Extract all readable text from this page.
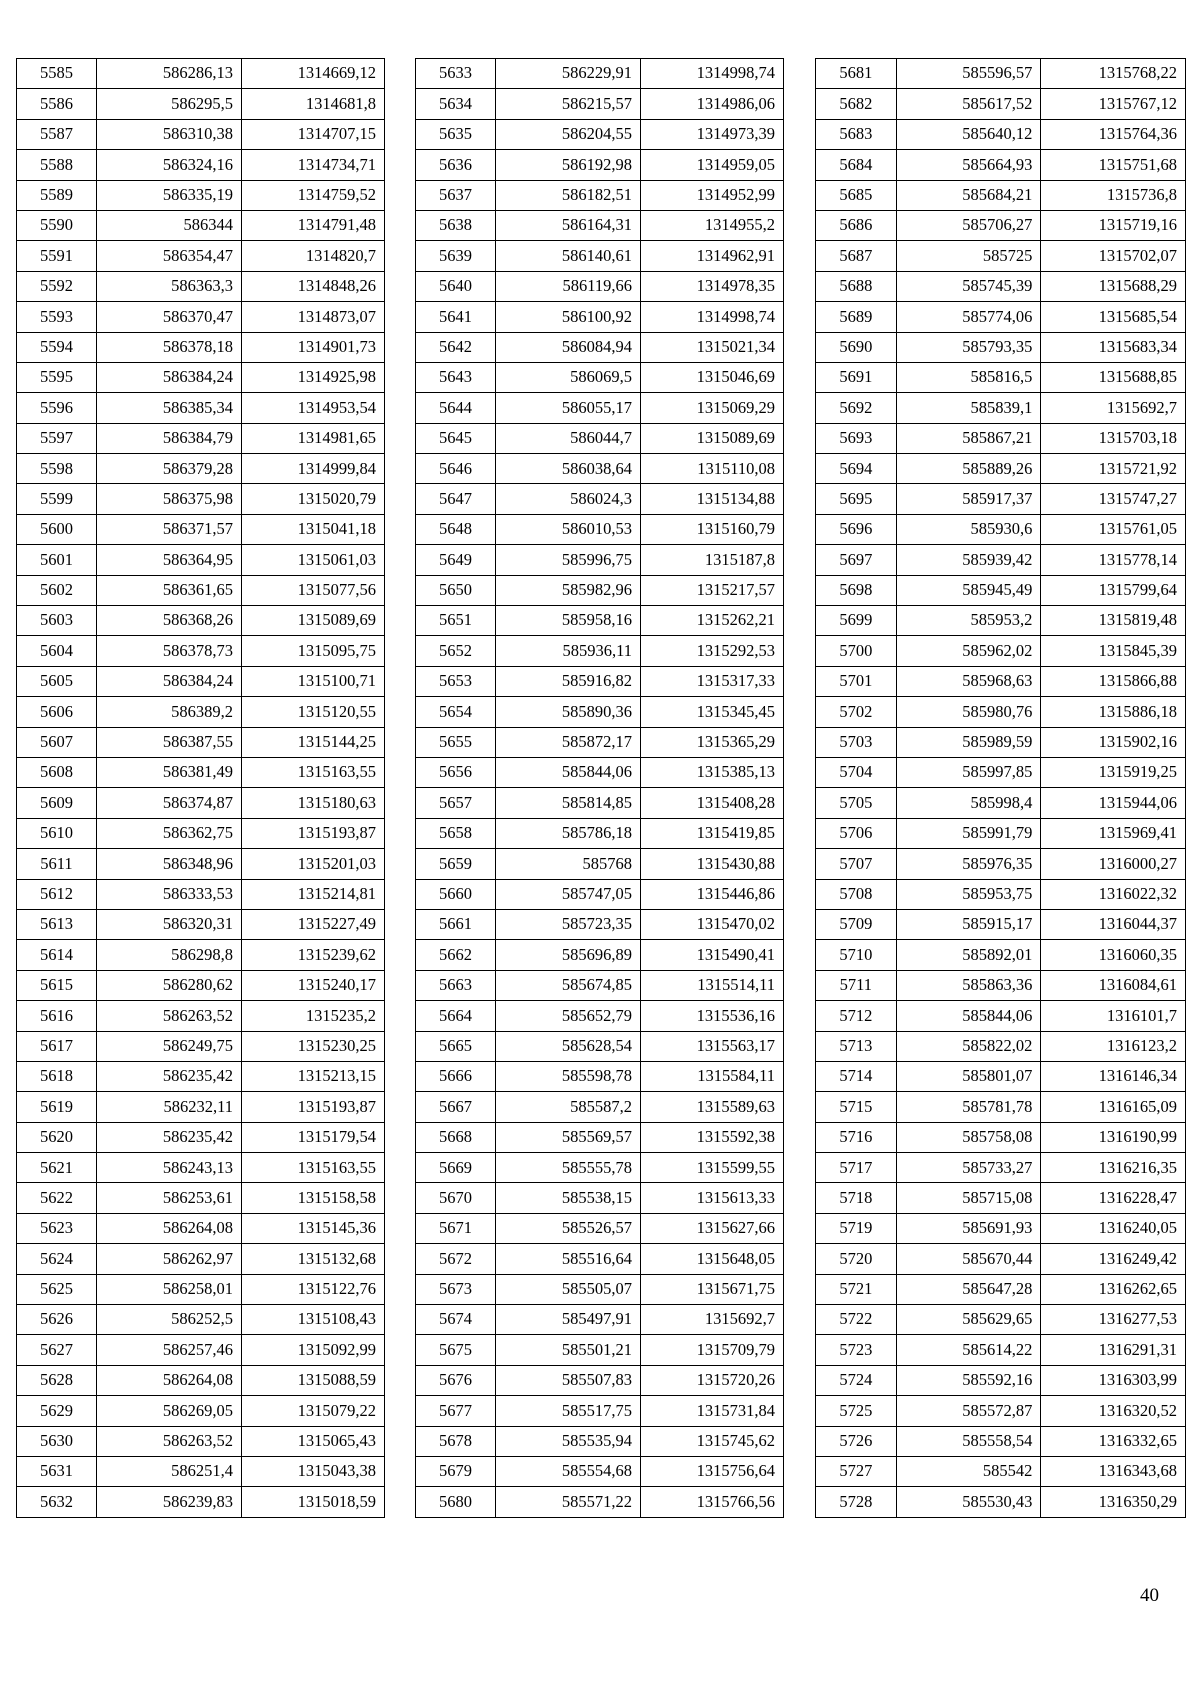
5585	586286,13	1314669,12
5586	586295,5	1314681,8
5587	586310,38	1314707,15
5588	586324,16	1314734,71
5589	586335,19	1314759,52
5590	586344	1314791,48
5591	586354,47	1314820,7
5592	586363,3	1314848,26
5593	586370,47	1314873,07
5594	586378,18	1314901,73
5595	586384,24	1314925,98
5596	586385,34	1314953,54
5597	586384,79	1314981,65
5598	586379,28	1314999,84
5599	586375,98	1315020,79
5600	586371,57	1315041,18
5601	586364,95	1315061,03
5602	586361,65	1315077,56
5603	586368,26	1315089,69
5604	586378,73	1315095,75
5605	586384,24	1315100,71
5606	586389,2	1315120,55
5607	586387,55	1315144,25
5608	586381,49	1315163,55
5609	586374,87	1315180,63
5610	586362,75	1315193,87
5611	586348,96	1315201,03
5612	586333,53	1315214,81
5613	586320,31	1315227,49
5614	586298,8	1315239,62
5615	586280,62	1315240,17
5616	586263,52	1315235,2
5617	586249,75	1315230,25
5618	586235,42	1315213,15
5619	586232,11	1315193,87
5620	586235,42	1315179,54
5621	586243,13	1315163,55
5622	586253,61	1315158,58
5623	586264,08	1315145,36
5624	586262,97	1315132,68
5625	586258,01	1315122,76
5626	586252,5	1315108,43
5627	586257,46	1315092,99
5628	586264,08	1315088,59
5629	586269,05	1315079,22
5630	586263,52	1315065,43
5631	586251,4	1315043,38
5632	586239,83	1315018,59
5633	586229,91	1314998,74
5634	586215,57	1314986,06
5635	586204,55	1314973,39
5636	586192,98	1314959,05
5637	586182,51	1314952,99
5638	586164,31	1314955,2
5639	586140,61	1314962,91
5640	586119,66	1314978,35
5641	586100,92	1314998,74
5642	586084,94	1315021,34
5643	586069,5	1315046,69
5644	586055,17	1315069,29
5645	586044,7	1315089,69
5646	586038,64	1315110,08
5647	586024,3	1315134,88
5648	586010,53	1315160,79
5649	585996,75	1315187,8
5650	585982,96	1315217,57
5651	585958,16	1315262,21
5652	585936,11	1315292,53
5653	585916,82	1315317,33
5654	585890,36	1315345,45
5655	585872,17	1315365,29
5656	585844,06	1315385,13
5657	585814,85	1315408,28
5658	585786,18	1315419,85
5659	585768	1315430,88
5660	585747,05	1315446,86
5661	585723,35	1315470,02
5662	585696,89	1315490,41
5663	585674,85	1315514,11
5664	585652,79	1315536,16
5665	585628,54	1315563,17
5666	585598,78	1315584,11
5667	585587,2	1315589,63
5668	585569,57	1315592,38
5669	585555,78	1315599,55
5670	585538,15	1315613,33
5671	585526,57	1315627,66
5672	585516,64	1315648,05
5673	585505,07	1315671,75
5674	585497,91	1315692,7
5675	585501,21	1315709,79
5676	585507,83	1315720,26
5677	585517,75	1315731,84
5678	585535,94	1315745,62
5679	585554,68	1315756,64
5680	585571,22	1315766,56
5681	585596,57	1315768,22
5682	585617,52	1315767,12
5683	585640,12	1315764,36
5684	585664,93	1315751,68
5685	585684,21	1315736,8
5686	585706,27	1315719,16
5687	585725	1315702,07
5688	585745,39	1315688,29
5689	585774,06	1315685,54
5690	585793,35	1315683,34
5691	585816,5	1315688,85
5692	585839,1	1315692,7
5693	585867,21	1315703,18
5694	585889,26	1315721,92
5695	585917,37	1315747,27
5696	585930,6	1315761,05
5697	585939,42	1315778,14
5698	585945,49	1315799,64
5699	585953,2	1315819,48
5700	585962,02	1315845,39
5701	585968,63	1315866,88
5702	585980,76	1315886,18
5703	585989,59	1315902,16
5704	585997,85	1315919,25
5705	585998,4	1315944,06
5706	585991,79	1315969,41
5707	585976,35	1316000,27
5708	585953,75	1316022,32
5709	585915,17	1316044,37
5710	585892,01	1316060,35
5711	585863,36	1316084,61
5712	585844,06	1316101,7
5713	585822,02	1316123,2
5714	585801,07	1316146,34
5715	585781,78	1316165,09
5716	585758,08	1316190,99
5717	585733,27	1316216,35
5718	585715,08	1316228,47
5719	585691,93	1316240,05
5720	585670,44	1316249,42
5721	585647,28	1316262,65
5722	585629,65	1316277,53
5723	585614,22	1316291,31
5724	585592,16	1316303,99
5725	585572,87	1316320,52
5726	585558,54	1316332,65
5727	585542	1316343,68
5728	585530,43	1316350,29
40
